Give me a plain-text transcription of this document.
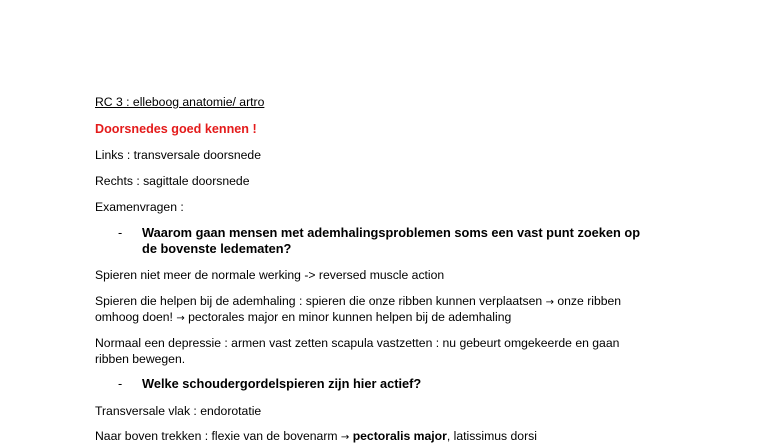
RC 3 : elleboog anatomie/ artro
Doorsnedes goed kennen !
Links : transversale doorsnede
Rechts : sagittale doorsnede
Examenvragen :
- Waarom gaan mensen met ademhalingsproblemen soms een vast punt zoeken op
de bovenste ledematen?
Spieren niet meer de normale werking -> reversed muscle action
Spieren die helpen bij de ademhaling : spieren die onze ribben kunnen verplaatsen → onze ribben
omhoog doen! → pectorales major en minor kunnen helpen bij de ademhaling
Normaal een depressie : armen vast zetten scapula vastzetten : nu gebeurt omgekeerde en gaan
ribben bewegen.
- Welke schoudergordelspieren zijn hier actief?
Transversale vlak : endorotatie
Naar boven trekken : flexie van de bovenarm → pectoralis major, latissimus dorsi
